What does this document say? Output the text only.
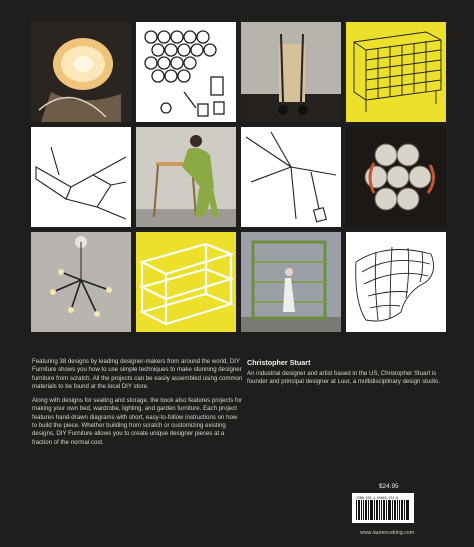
Featuring 38 designs by leading designer-makers from around the world, DIY Furniture shows you how to use simple techniques to make stunning designer furniture from scratch. All the projects can be easily assembled using common materials to be found at the local DIY store.

Along with designs for seating and storage, the book also features projects for making your own bed, wardrobe, lighting, and garden furniture. Each project features hand-drawn diagrams with short, easy-to-follow instructions on how to build the piece. Whether building from scratch or customizing existing designs, DIY Furniture allows you to create unique designer pieces at a fraction of the normal cost.

Christopher Stuart
An industrial designer and artist based in the US, Christopher Stuart is founder and principal designer at Luur, a multidisciplinary design studio.
$24.95
ISBN 978-1-85669-752-8
www.laurenceking.com
